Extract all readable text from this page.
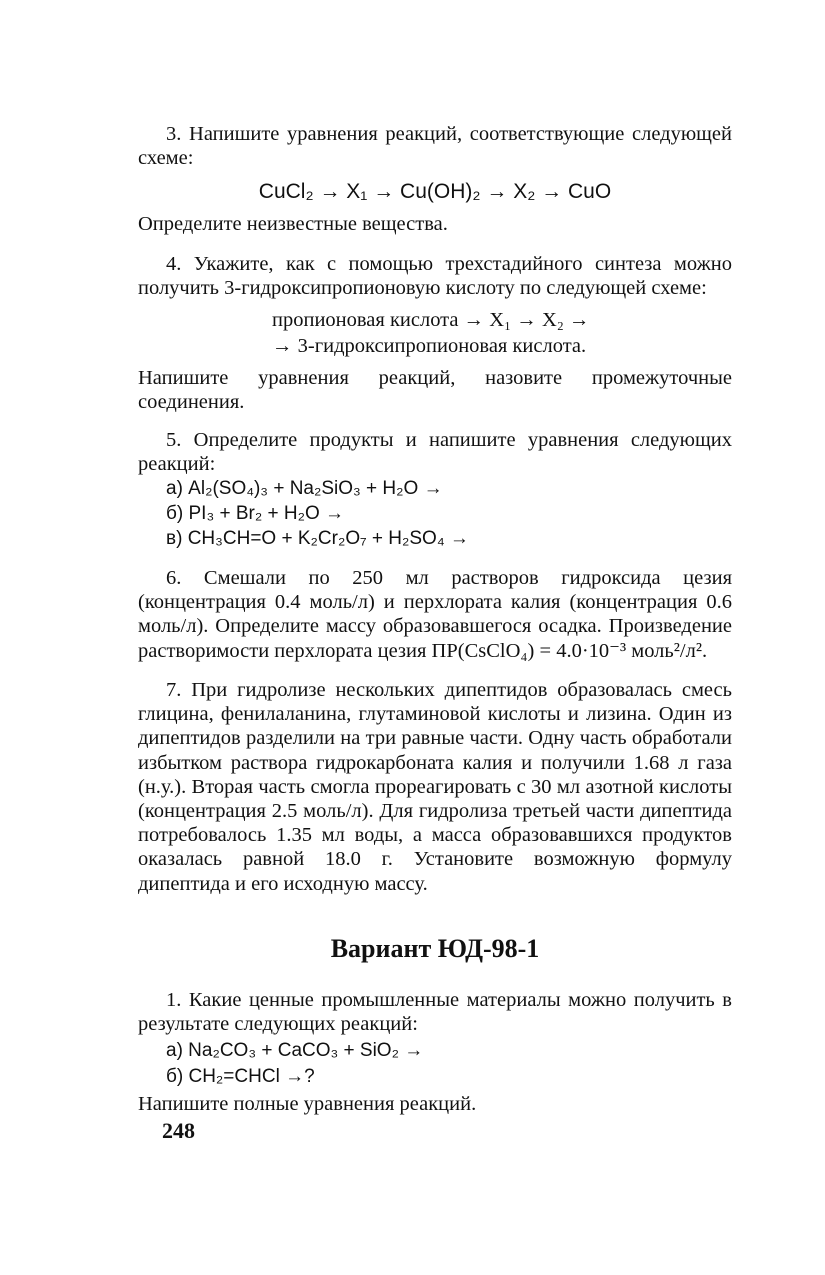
3. Напишите уравнения реакций, соответствующие следующей схеме:
CuCl₂ → X₁ → Cu(OH)₂ → X₂ → CuO
Определите неизвестные вещества.
4. Укажите, как с помощью трехстадийного синтеза можно получить 3-гидроксипропионовую кислоту по следующей схеме:
пропионовая кислота → X₁ → X₂ →
→ 3-гидроксипропионовая кислота.
Напишите уравнения реакций, назовите промежуточные соединения.
5. Определите продукты и напишите уравнения следующих реакций:
а) Al₂(SO₄)₃ + Na₂SiO₃ + H₂O →
б) PI₃ + Br₂ + H₂O →
в) CH₃CH=O + K₂Cr₂O₇ + H₂SO₄ →
6. Смешали по 250 мл растворов гидроксида цезия (концентрация 0.4 моль/л) и перхлората калия (концентрация 0.6 моль/л). Определите массу образовавшегося осадка. Произведение растворимости перхлората цезия ПР(CsClO₄) = 4.0·10⁻³ моль²/л².
7. При гидролизе нескольких дипептидов образовалась смесь глицина, фенилаланина, глутаминовой кислоты и лизина. Один из дипептидов разделили на три равные части. Одну часть обработали избытком раствора гидрокарбоната калия и получили 1.68 л газа (н.у.). Вторая часть смогла прореагировать с 30 мл азотной кислоты (концентрация 2.5 моль/л). Для гидролиза третьей части дипептида потребовалось 1.35 мл воды, а масса образовавшихся продуктов оказалась равной 18.0 г. Установите возможную формулу дипептида и его исходную массу.
Вариант ЮД-98-1
1. Какие ценные промышленные материалы можно получить в результате следующих реакций:
а) Na₂CO₃ + CaCO₃ + SiO₂ →
б) CH₂=CHCl →?
Напишите полные уравнения реакций.
248
